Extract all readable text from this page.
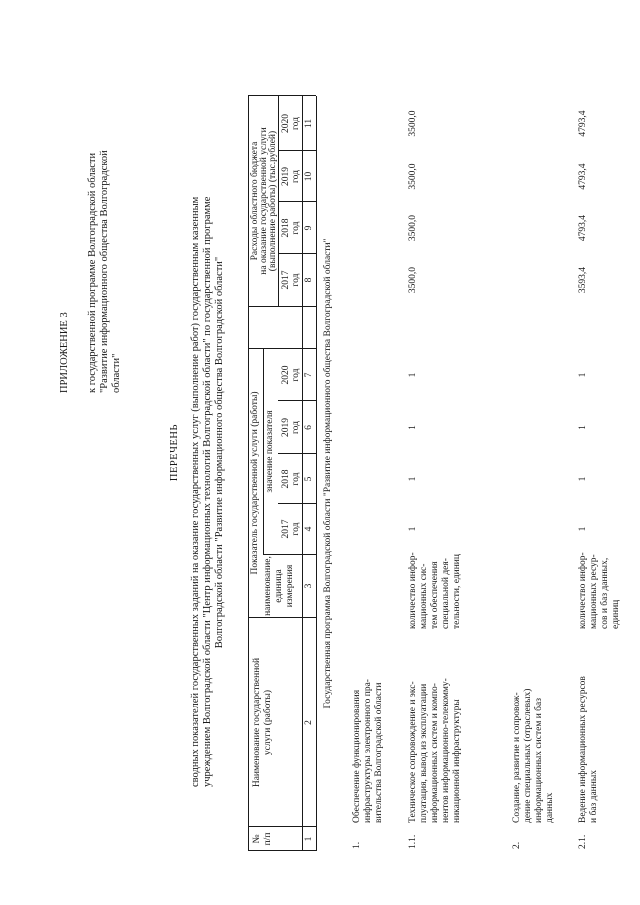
ПРИЛОЖЕНИЕ 3 к государственной программе Волгоградской области "Развитие информационного общества Волгоградской области"
ПЕРЕЧЕНЬ сводных показателей государственных заданий на оказание государственных услуг (выполнение работ) государственным казенным учреждением Волгоградской области "Центр информационных технологий Волгоградской области" по государственной программе Волгоградской области "Развитие информационного общества Волгоградской области"
№ п/п
Наименование государственной услуги (работы)
Показатель государственной услуги (работы)
наименование, единица измерения
значение показателя
Расходы областного бюджета на оказание государственной услуги (выполнение работы) (тыс.рублей)
2017 год
2018 год
2019 год
2020 год
2017 год
2018 год
2019 год
2020 год
1
2
3
4
5
6
7
8
9
10
11
Государственная программа Волгоградской области "Развитие информационного общества Волгоградской области"
1.
Обеспечение функционирования инфраструктуры электронного пра- вительства Волгоградской области
1.1.
Техническое сопровождение и экс- плуатация, вывод из эксплуатации информационных систем и компо- нентов информационно-телекомму- никационной инфраструктуры
количество инфор- мационных сис- тем обеспечения специальной дея- тельности, единиц
1
1
1
1
3500,0
3500,0
3500,0
3500,0
2.
Создание, развитие и сопровож- дение специальных (отраслевых) информационных систем и баз данных
2.1.
Ведение информационных ресурсов и баз данных
количество инфор- мационных ресур- сов и баз данных, единиц
1
1
1
1
3593,4
4793,4
4793,4
4793,4
